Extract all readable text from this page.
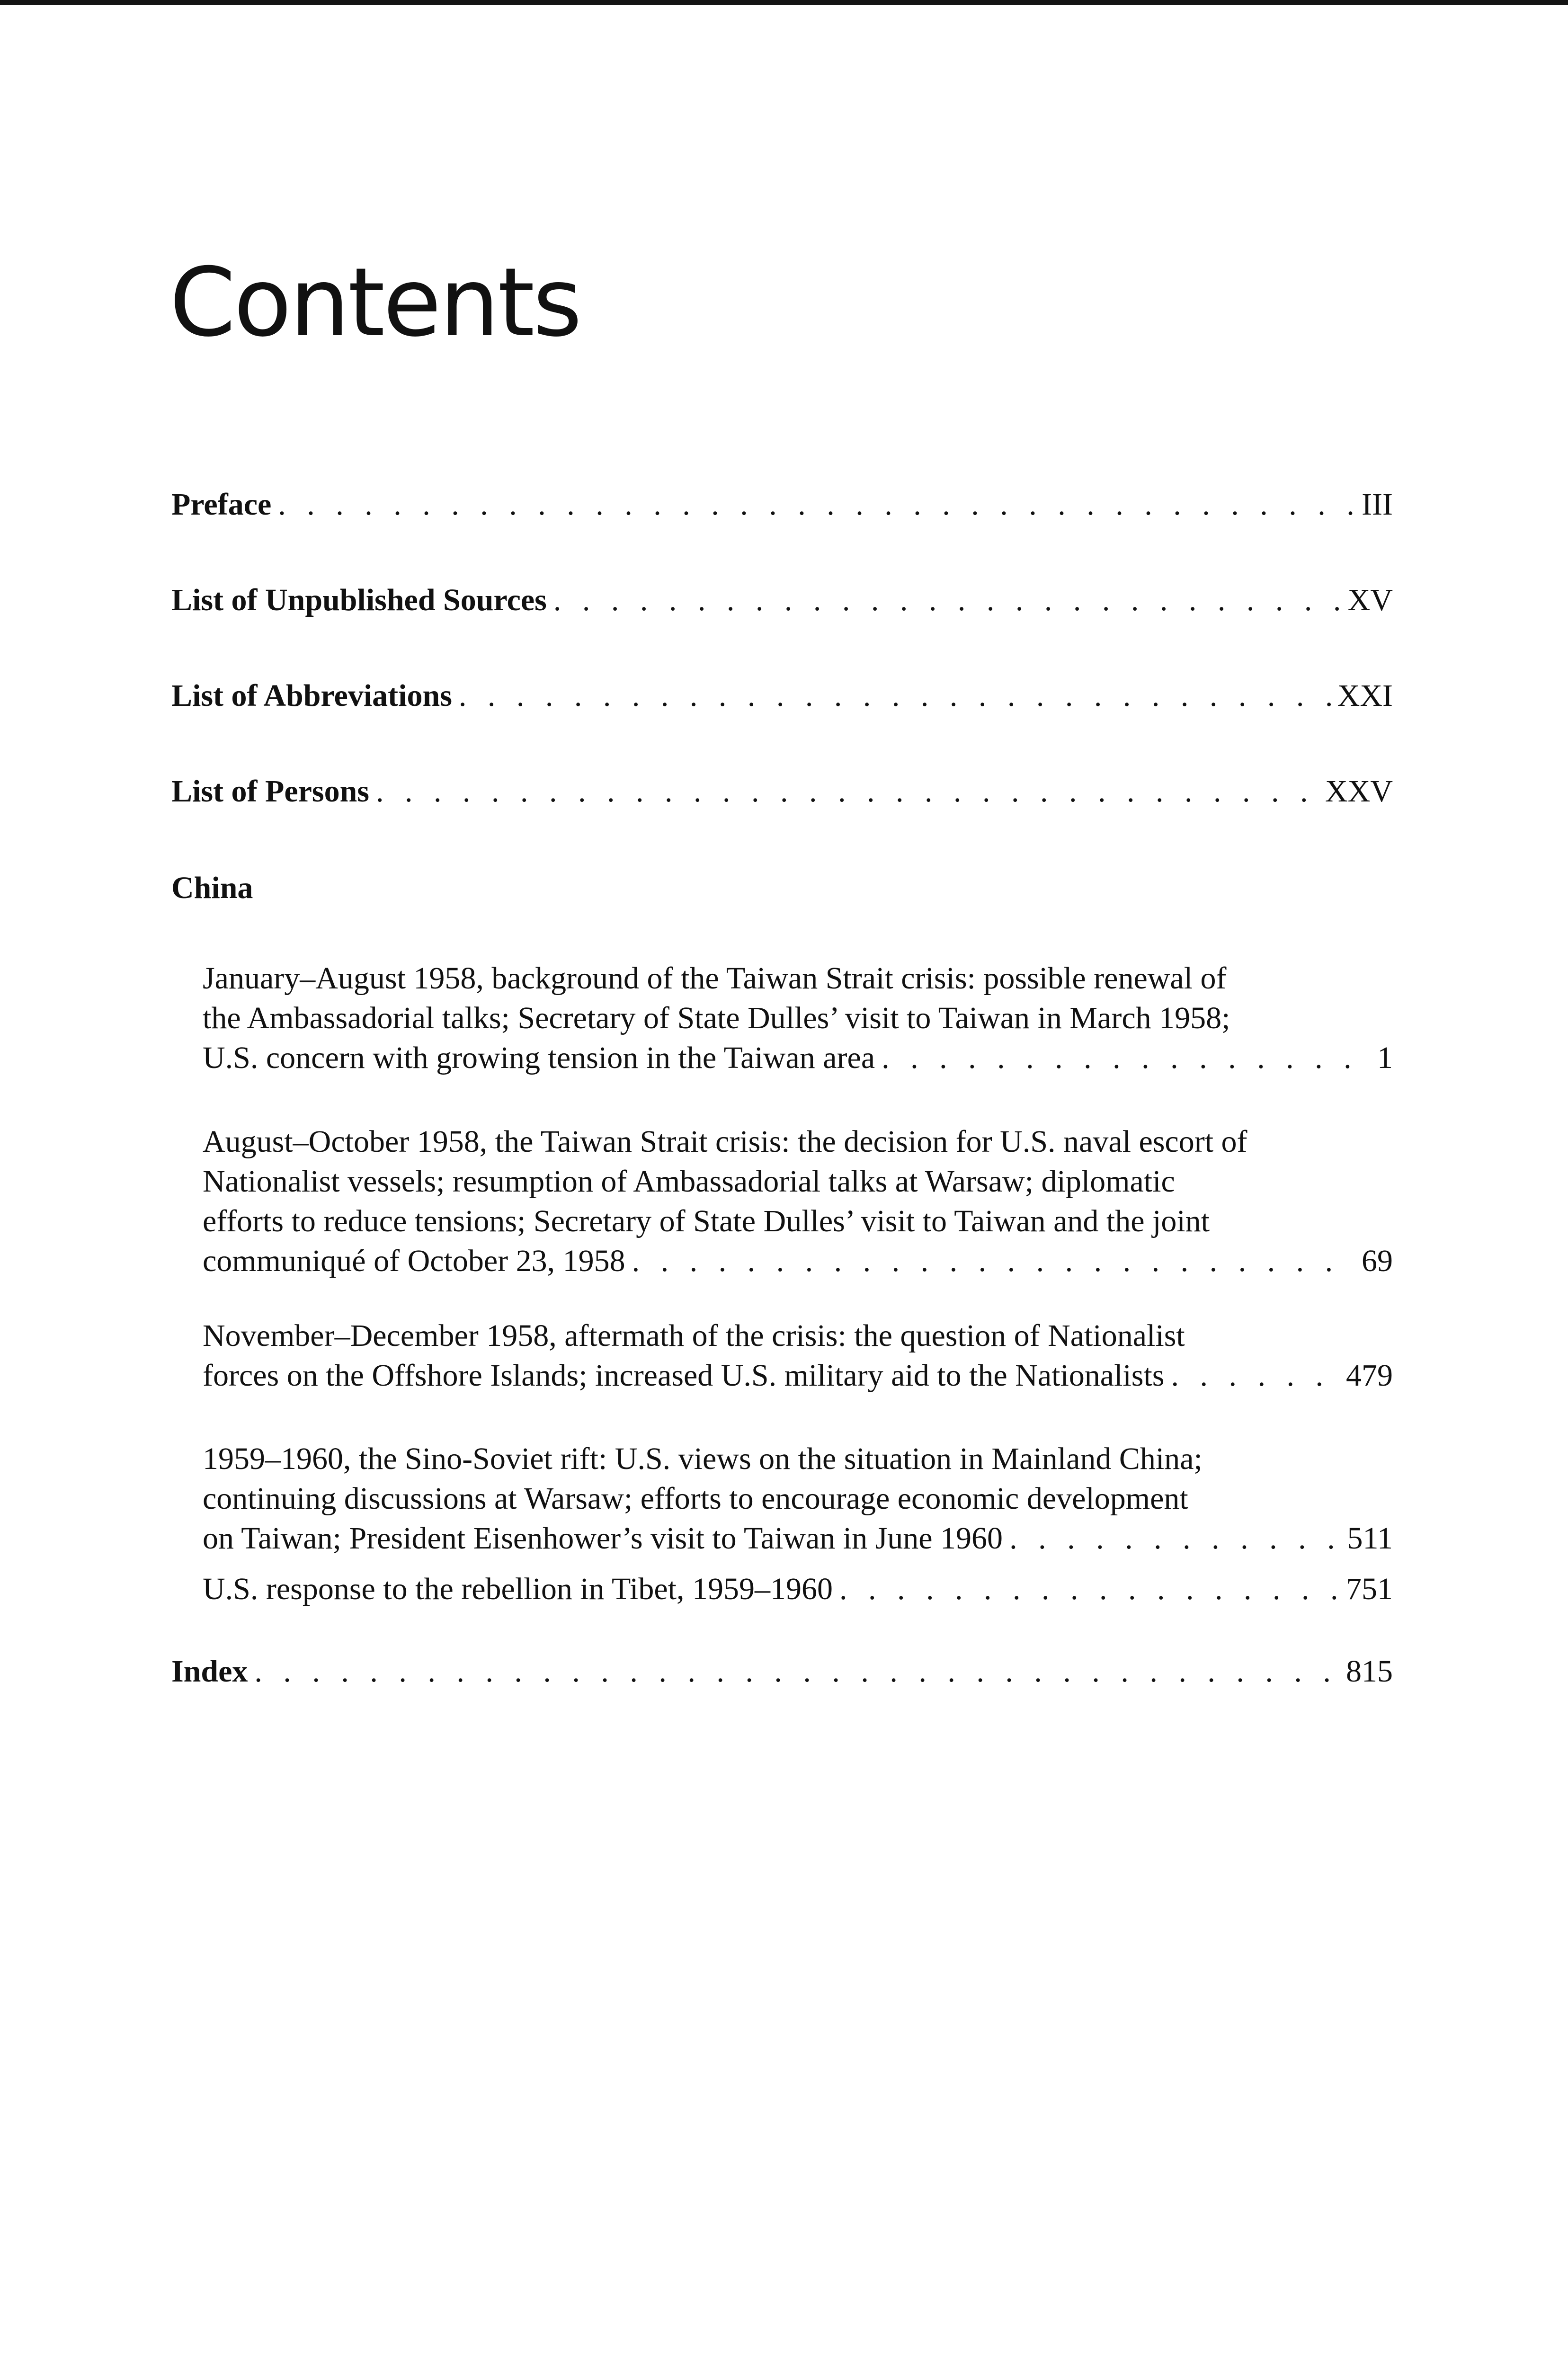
Contents
Preface . . .	III
List of Unpublished Sources . . .	XV
List of Abbreviations . . .	XXI
List of Persons . . .	XXV
China
January–August 1958, background of the Taiwan Strait crisis: possible renewal of
the Ambassadorial talks; Secretary of State Dulles’ visit to Taiwan in March 1958;
U.S. concern with growing tension in the Taiwan area . . .	1
August–October 1958, the Taiwan Strait crisis: the decision for U.S. naval escort of
Nationalist vessels; resumption of Ambassadorial talks at Warsaw; diplomatic
efforts to reduce tensions; Secretary of State Dulles’ visit to Taiwan and the joint
communiqué of October 23, 1958 . . .	69
November–December 1958, aftermath of the crisis: the question of Nationalist
forces on the Offshore Islands; increased U.S. military aid to the Nationalists . . .	479
1959–1960, the Sino-Soviet rift: U.S. views on the situation in Mainland China;
continuing discussions at Warsaw; efforts to encourage economic development
on Taiwan; President Eisenhower’s visit to Taiwan in June 1960 . . .	511
U.S. response to the rebellion in Tibet, 1959–1960 . . .	751
Index . . .	815
